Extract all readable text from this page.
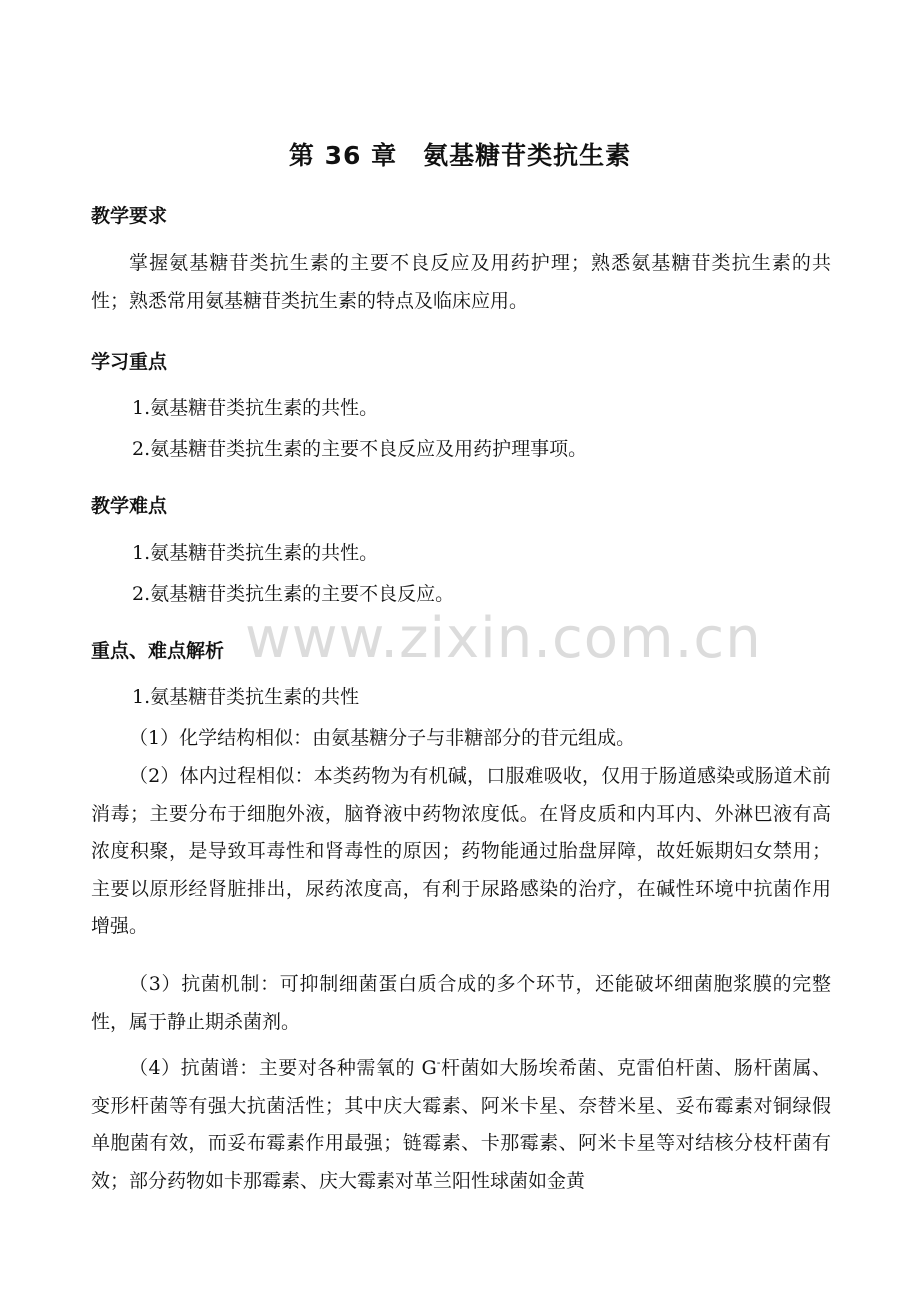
www.zixin.com.cn
第 36 章　氨基糖苷类抗生素
教学要求

掌握氨基糖苷类抗生素的主要不良反应及用药护理；熟悉氨基糖苷类抗生素的共性；熟悉常用氨基糖苷类抗生素的特点及临床应用。

学习重点
1.氨基糖苷类抗生素的共性。
2.氨基糖苷类抗生素的主要不良反应及用药护理事项。
教学难点
1.氨基糖苷类抗生素的共性。
2.氨基糖苷类抗生素的主要不良反应。
重点、难点解析
1.氨基糖苷类抗生素的共性
（1）化学结构相似：由氨基糖分子与非糖部分的苷元组成。

（2）体内过程相似：本类药物为有机碱，口服难吸收，仅用于肠道感染或肠道术前消毒；主要分布于细胞外液，脑脊液中药物浓度低。在肾皮质和内耳内、外淋巴液有高浓度积聚，是导致耳毒性和肾毒性的原因；药物能通过胎盘屏障，故妊娠期妇女禁用；主要以原形经肾脏排出，尿药浓度高，有利于尿路感染的治疗，在碱性环境中抗菌作用增强。

（3）抗菌机制：可抑制细菌蛋白质合成的多个环节，还能破坏细菌胞浆膜的完整性，属于静止期杀菌剂。

（4）抗菌谱：主要对各种需氧的 G-杆菌如大肠埃希菌、克雷伯杆菌、肠杆菌属、变形杆菌等有强大抗菌活性；其中庆大霉素、阿米卡星、奈替米星、妥布霉素对铜绿假单胞菌有效，而妥布霉素作用最强；链霉素、卡那霉素、阿米卡星等对结核分枝杆菌有效；部分药物如卡那霉素、庆大霉素对革兰阳性球菌如金黄
